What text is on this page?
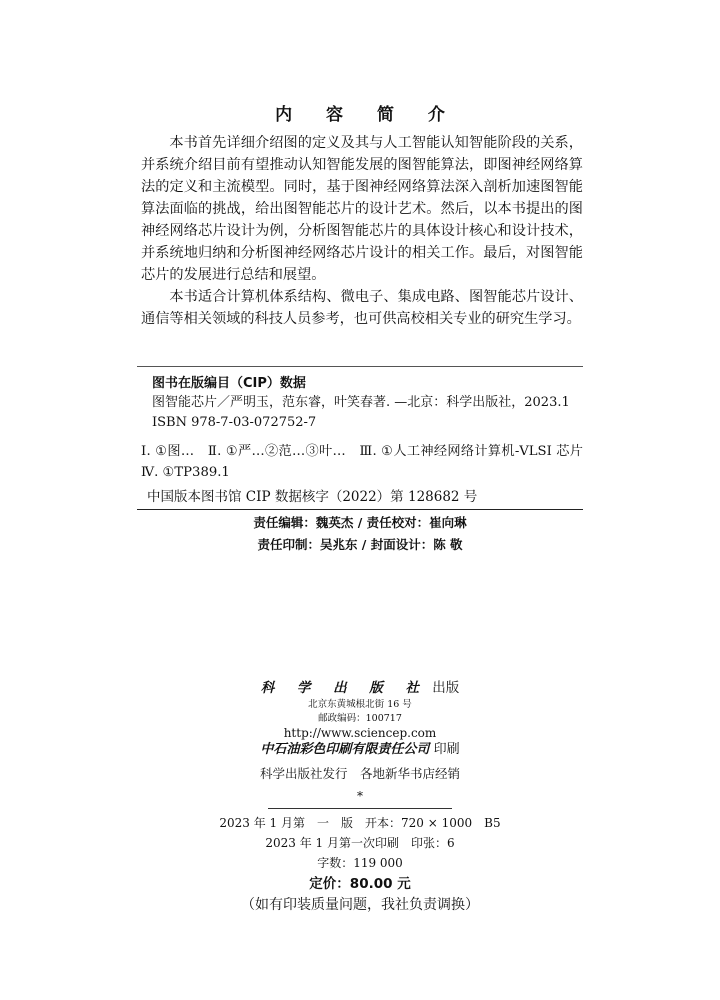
内 容 简 介

本书首先详细介绍图的定义及其与人工智能认知智能阶段的关系，并系统介绍目前有望推动认知智能发展的图智能算法，即图神经网络算法的定义和主流模型。同时，基于图神经网络算法深入剖析加速图智能算法面临的挑战，给出图智能芯片的设计艺术。然后，以本书提出的图神经网络芯片设计为例，分析图智能芯片的具体设计核心和设计技术，并系统地归纳和分析图神经网络芯片设计的相关工作。最后，对图智能芯片的发展进行总结和展望。

本书适合计算机体系结构、微电子、集成电路、图智能芯片设计、通信等相关领域的科技人员参考，也可供高校相关专业的研究生学习。

图书在版编目（CIP）数据
图智能芯片／严明玉，范东睿，叶笑春著. —北京：科学出版社，2023.1
ISBN 978-7-03-072752-7
Ⅰ. ①图…　Ⅱ. ①严…②范…③叶…　Ⅲ. ①人工神经网络计算机-VLSI 芯片　Ⅳ. ①TP389.1
中国版本图书馆 CIP 数据核字（2022）第 128682 号
责任编辑：魏英杰 / 责任校对：崔向琳
责任印制：吴兆东 / 封面设计：陈 敬
科 学 出 版 社 出版
北京东黄城根北街 16 号
邮政编码：100717
http://www.sciencep.com
中石油彩色印刷有限责任公司 印刷
科学出版社发行　各地新华书店经销
*
2023 年 1 月第　一　版　开本：720 × 1000　B5
2023 年 1 月第一次印刷　印张：6
字数：119 000
定价：80.00 元
（如有印装质量问题，我社负责调换）
